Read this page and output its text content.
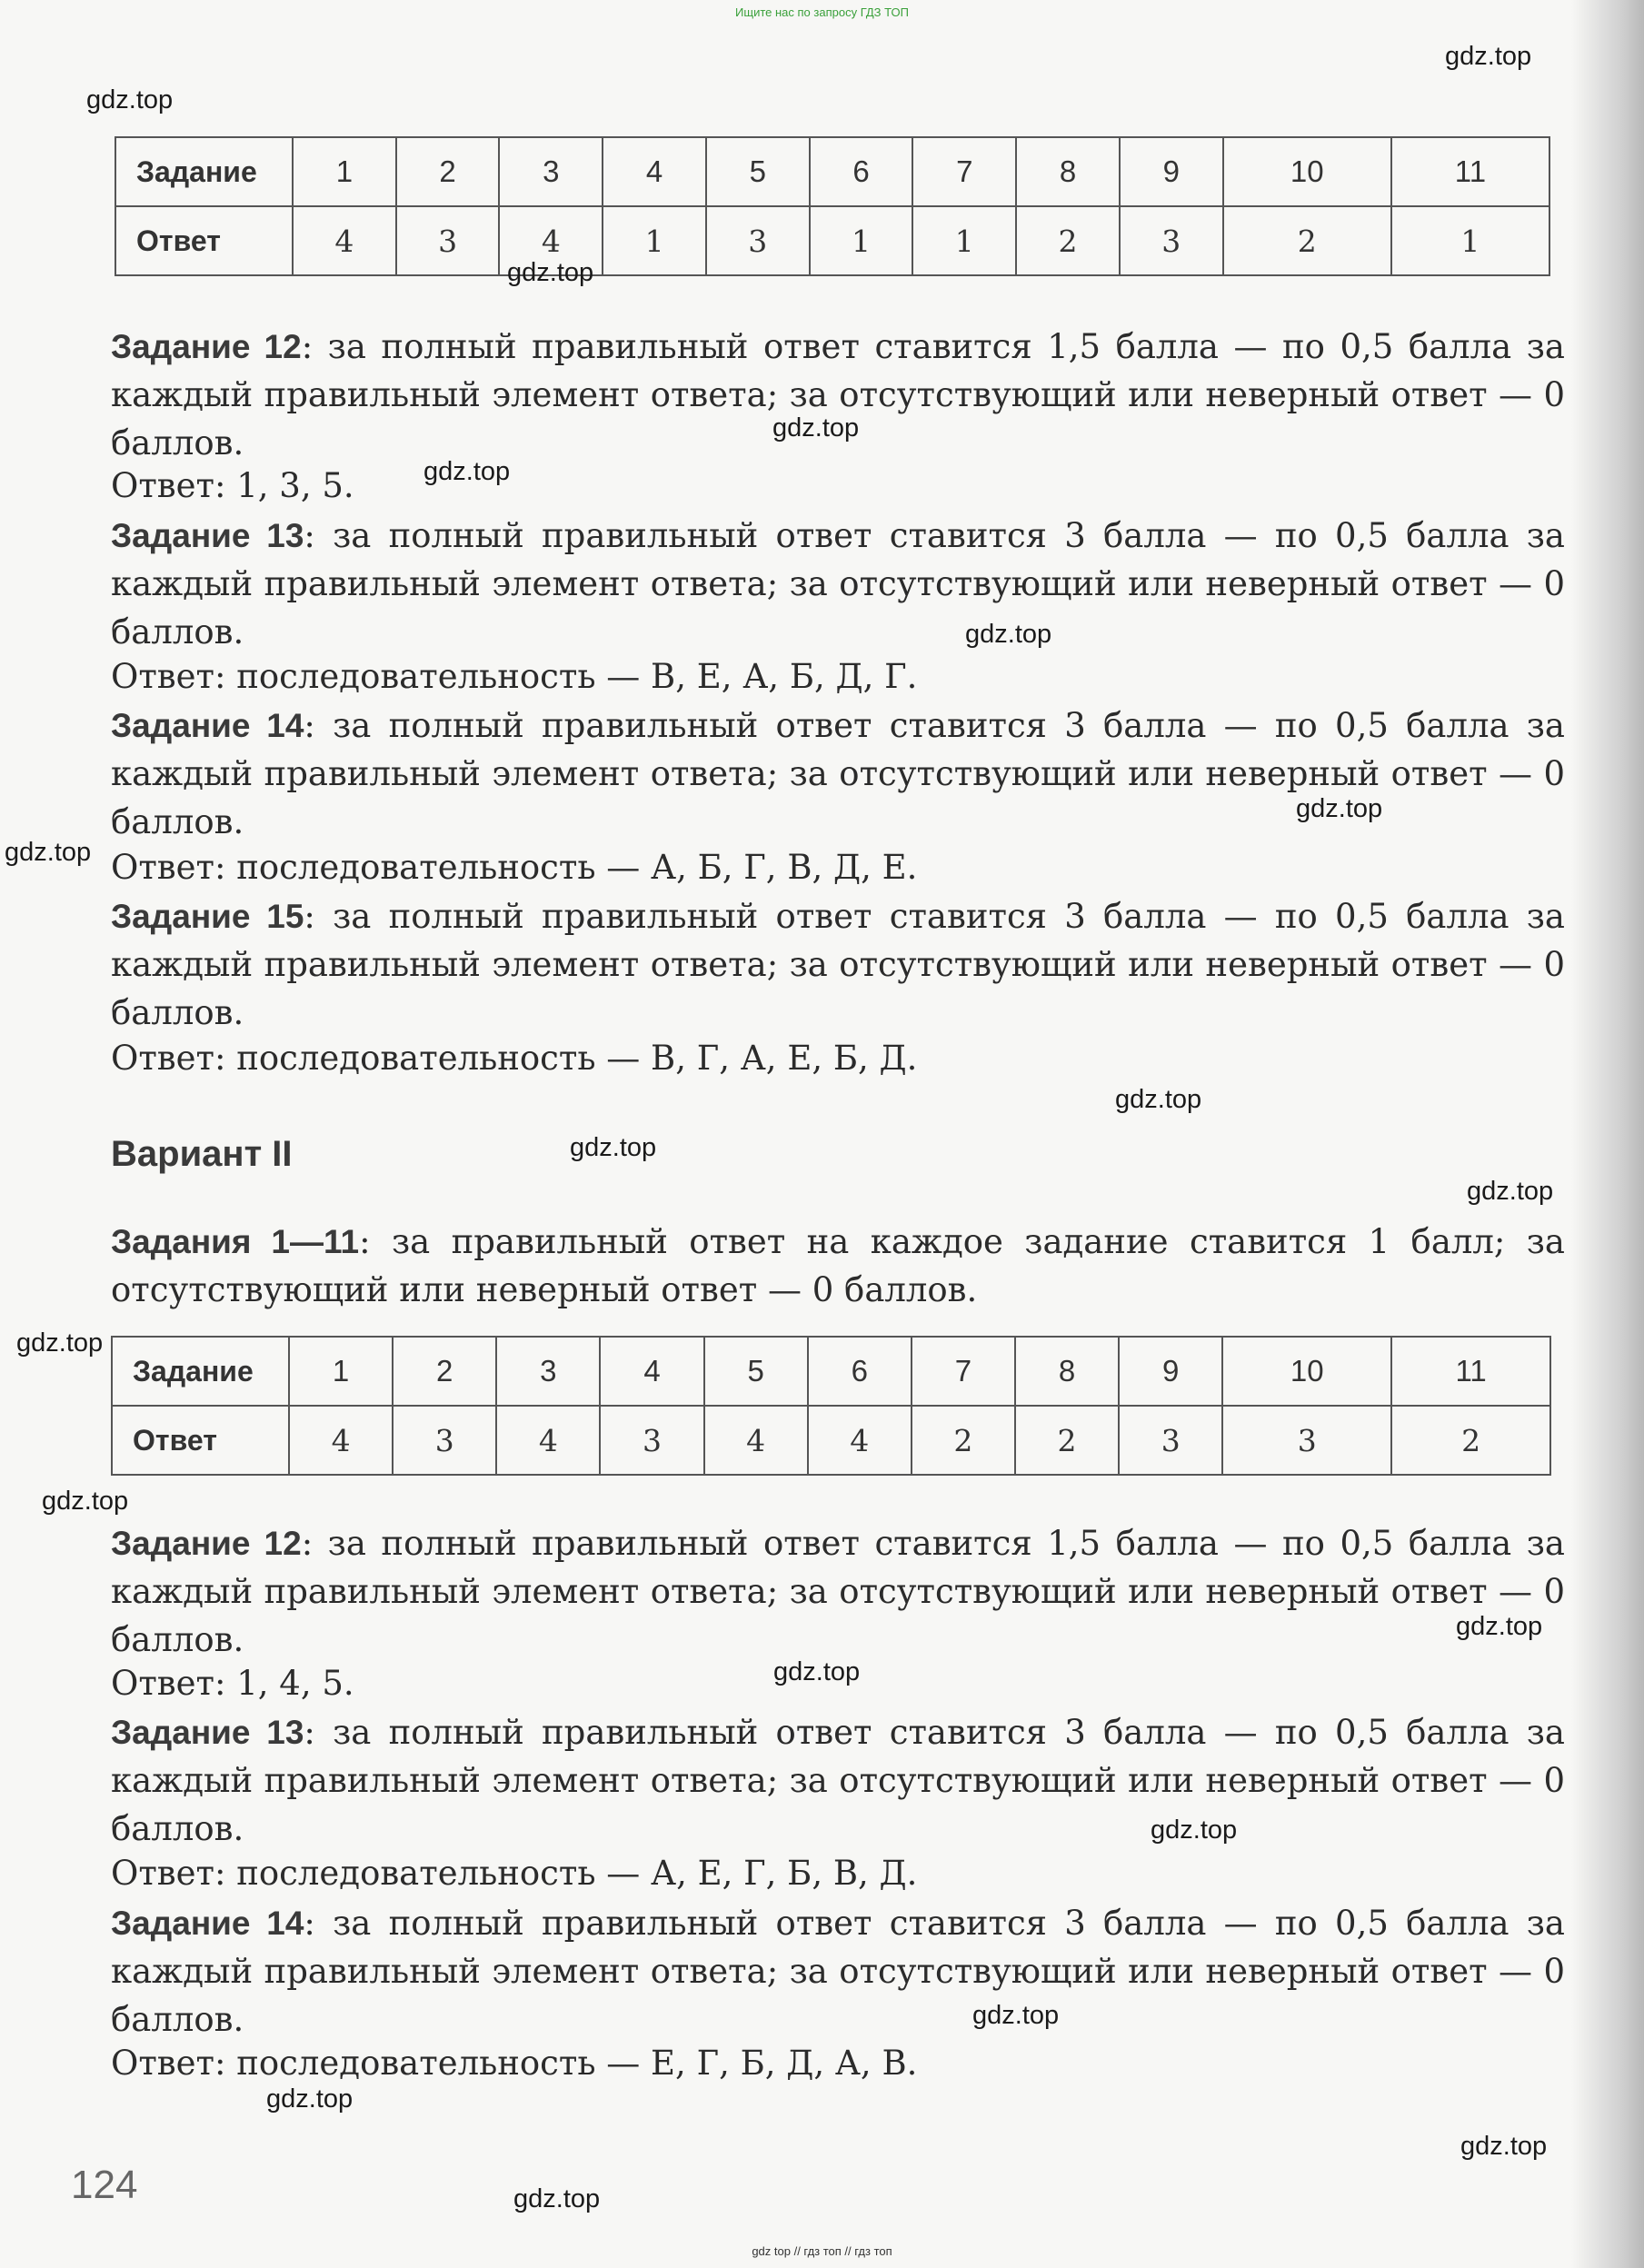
Ищите нас по запросу ГДЗ ТОП
Задание	1	2	3	4	5	6	7	8	9	10	11
Ответ	4	3	4	1	3	1	1	2	3	2	1
Задание 12: за полный правильный ответ ставится 1,5 балла — по 0,5 балла за каждый правильный элемент ответа; за отсутствующий или неверный ответ — 0 баллов.
Ответ: 1, 3, 5.
Задание 13: за полный правильный ответ ставится 3 балла — по 0,5 балла за каждый правильный элемент ответа; за отсутствующий или неверный ответ — 0 баллов.
Ответ: последовательность — В, Е, А, Б, Д, Г.
Задание 14: за полный правильный ответ ставится 3 балла — по 0,5 балла за каждый правильный элемент ответа; за отсутствующий или неверный ответ — 0 баллов.
Ответ: последовательность — А, Б, Г, В, Д, Е.
Задание 15: за полный правильный ответ ставится 3 балла — по 0,5 балла за каждый правильный элемент ответа; за отсутствующий или неверный ответ — 0 баллов.
Ответ: последовательность — В, Г, А, Е, Б, Д.
Вариант II
Задания 1—11: за правильный ответ на каждое задание ставится 1 балл; за отсутствующий или неверный ответ — 0 баллов.
Задание	1	2	3	4	5	6	7	8	9	10	11
Ответ	4	3	4	3	4	4	2	2	3	3	2
Задание 12: за полный правильный ответ ставится 1,5 балла — по 0,5 балла за каждый правильный элемент ответа; за отсутствующий или неверный ответ — 0 баллов.
Ответ: 1, 4, 5.
Задание 13: за полный правильный ответ ставится 3 балла — по 0,5 балла за каждый правильный элемент ответа; за отсутствующий или неверный ответ — 0 баллов.
Ответ: последовательность — А, Е, Г, Б, В, Д.
Задание 14: за полный правильный ответ ставится 3 балла — по 0,5 балла за каждый правильный элемент ответа; за отсутствующий или неверный ответ — 0 баллов.
Ответ: последовательность — Е, Г, Б, Д, А, В.
124
gdz.top
gdz.top
gdz.top
gdz.top
gdz.top
gdz.top
gdz.top
gdz.top
gdz.top
gdz.top
gdz.top
gdz.top
gdz.top
gdz.top
gdz.top
gdz.top
gdz.top
gdz.top
gdz.top
gdz.top
gdz top // гдз топ // гдз топ
